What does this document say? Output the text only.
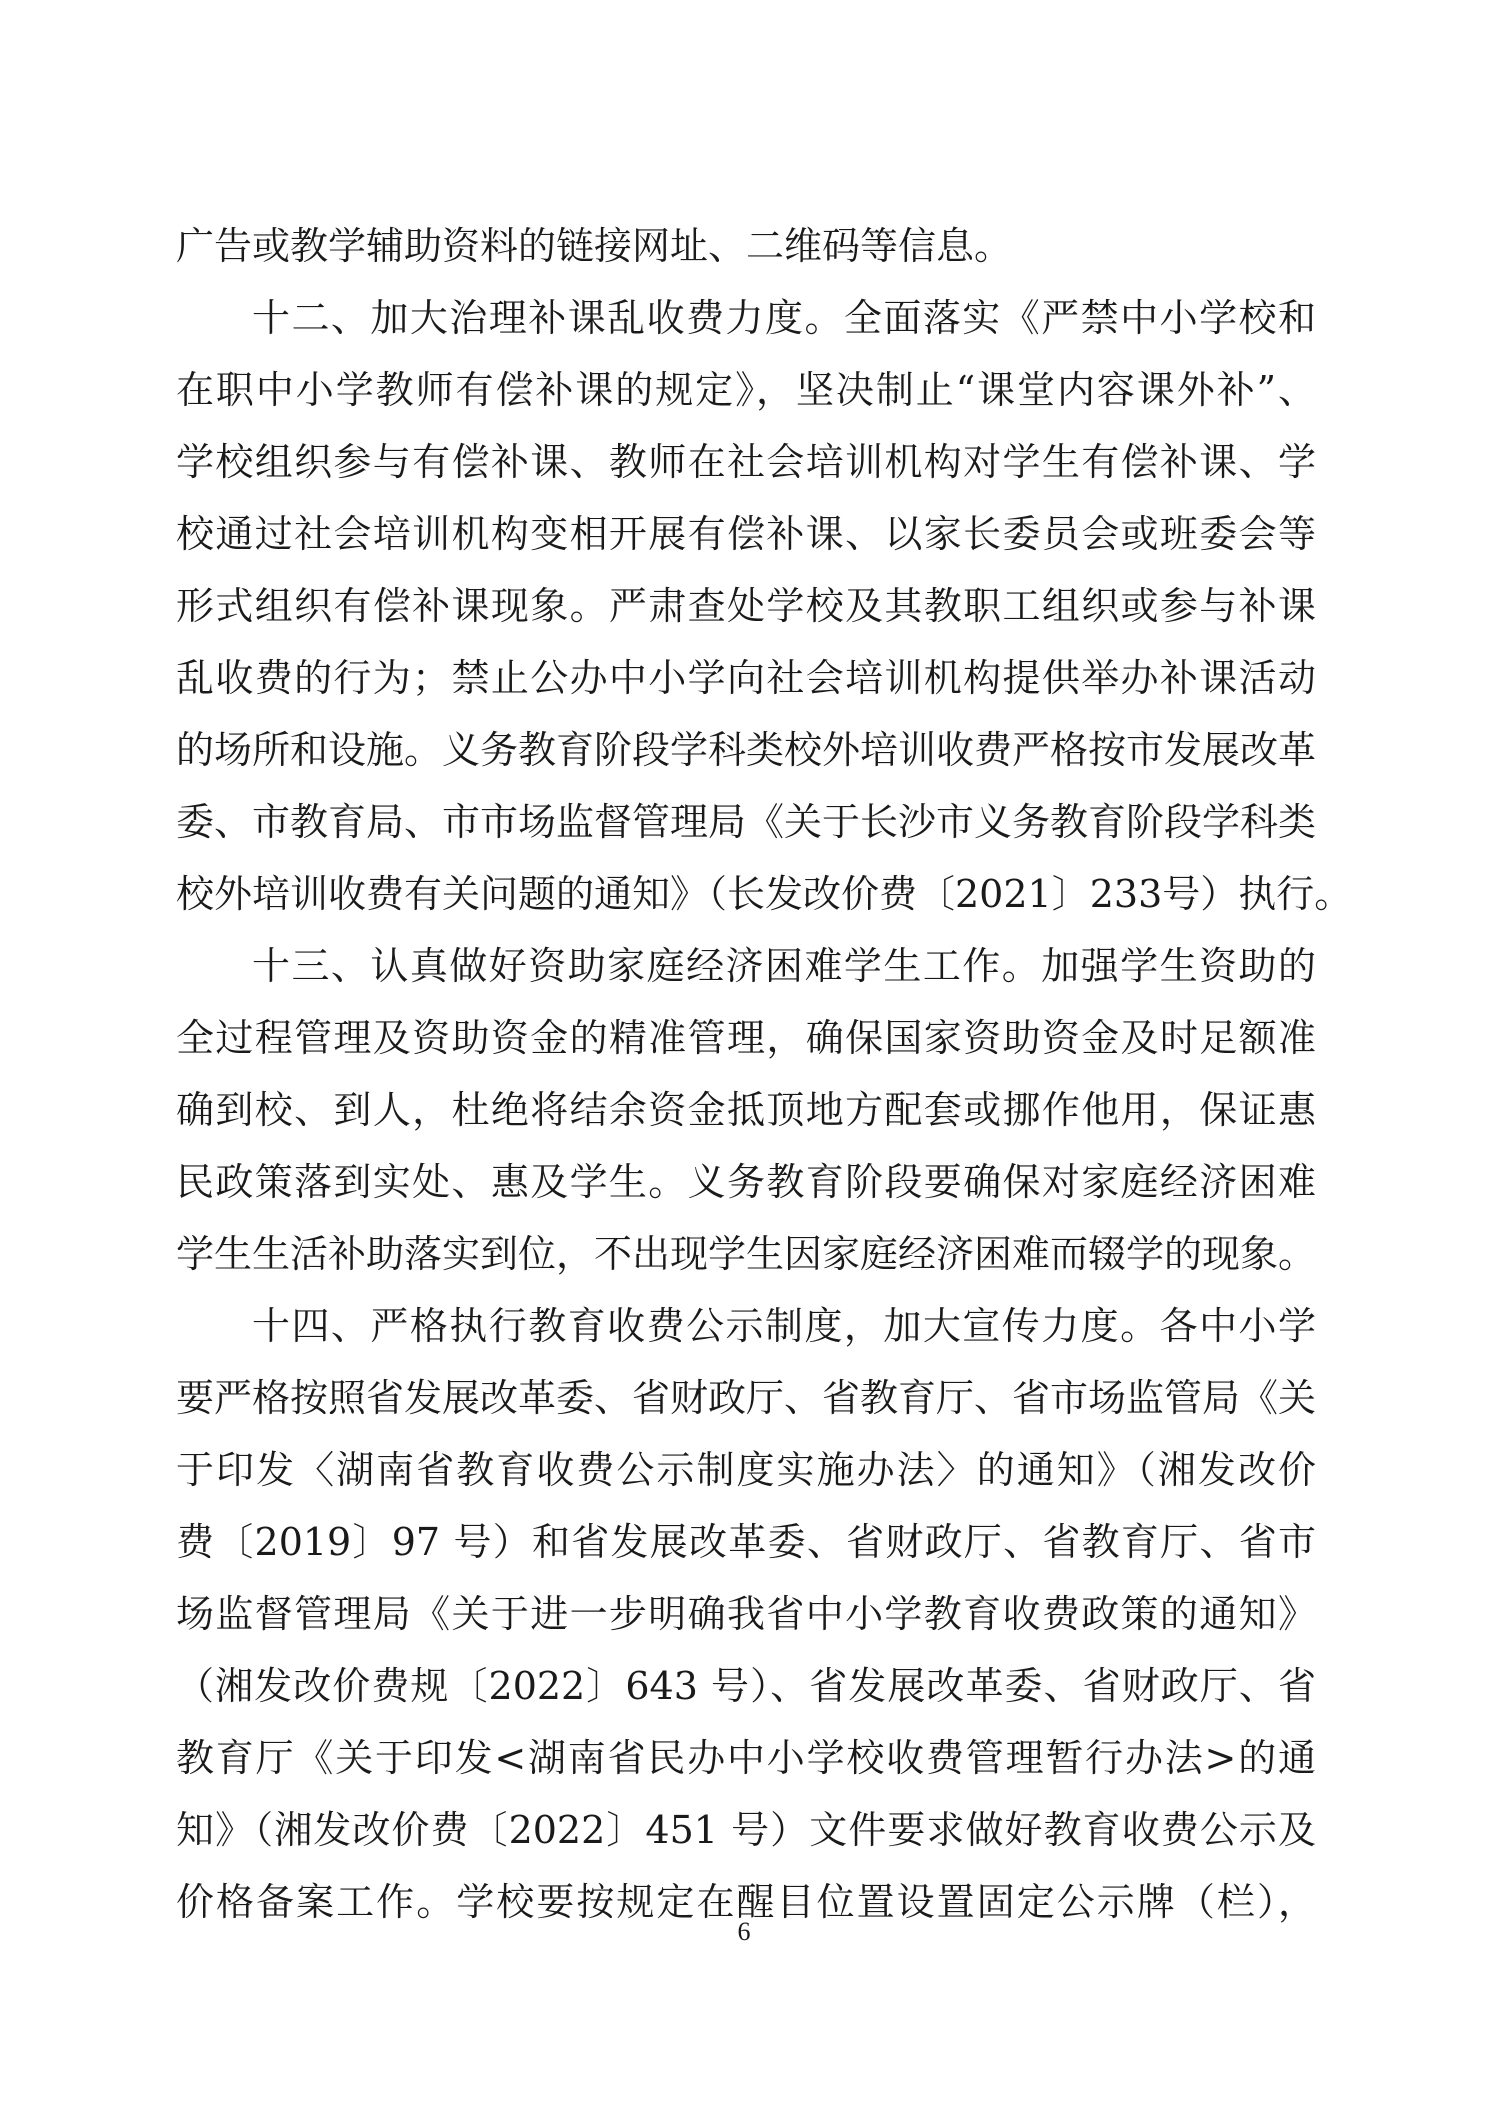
广告或教学辅助资料的链接网址、二维码等信息。
十二、加大治理补课乱收费力度。全面落实《严禁中小学校和
在职中小学教师有偿补课的规定》，坚决制止“课堂内容课外补”、
学校组织参与有偿补课、教师在社会培训机构对学生有偿补课、学
校通过社会培训机构变相开展有偿补课、以家长委员会或班委会等
形式组织有偿补课现象。严肃查处学校及其教职工组织或参与补课
乱收费的行为；禁止公办中小学向社会培训机构提供举办补课活动
的场所和设施。义务教育阶段学科类校外培训收费严格按市发展改革
委、市教育局、市市场监督管理局《关于长沙市义务教育阶段学科类
校外培训收费有关问题的通知》（长发改价费〔2021〕233号）执行。
十三、认真做好资助家庭经济困难学生工作。加强学生资助的
全过程管理及资助资金的精准管理，确保国家资助资金及时足额准
确到校、到人，杜绝将结余资金抵顶地方配套或挪作他用，保证惠
民政策落到实处、惠及学生。义务教育阶段要确保对家庭经济困难
学生生活补助落实到位，不出现学生因家庭经济困难而辍学的现象。
十四、严格执行教育收费公示制度，加大宣传力度。各中小学
要严格按照省发展改革委、省财政厅、省教育厅、省市场监管局《关
于印发〈湖南省教育收费公示制度实施办法〉的通知》（湘发改价
费〔2019〕97 号）和省发展改革委、省财政厅、省教育厅、省市
场监督管理局《关于进一步明确我省中小学教育收费政策的通知》
（湘发改价费规〔2022〕643 号）、省发展改革委、省财政厅、省
教育厅《关于印发<湖南省民办中小学校收费管理暂行办法>的通
知》（湘发改价费〔2022〕451 号）文件要求做好教育收费公示及
价格备案工作。学校要按规定在醒目位置设置固定公示牌（栏），
6
